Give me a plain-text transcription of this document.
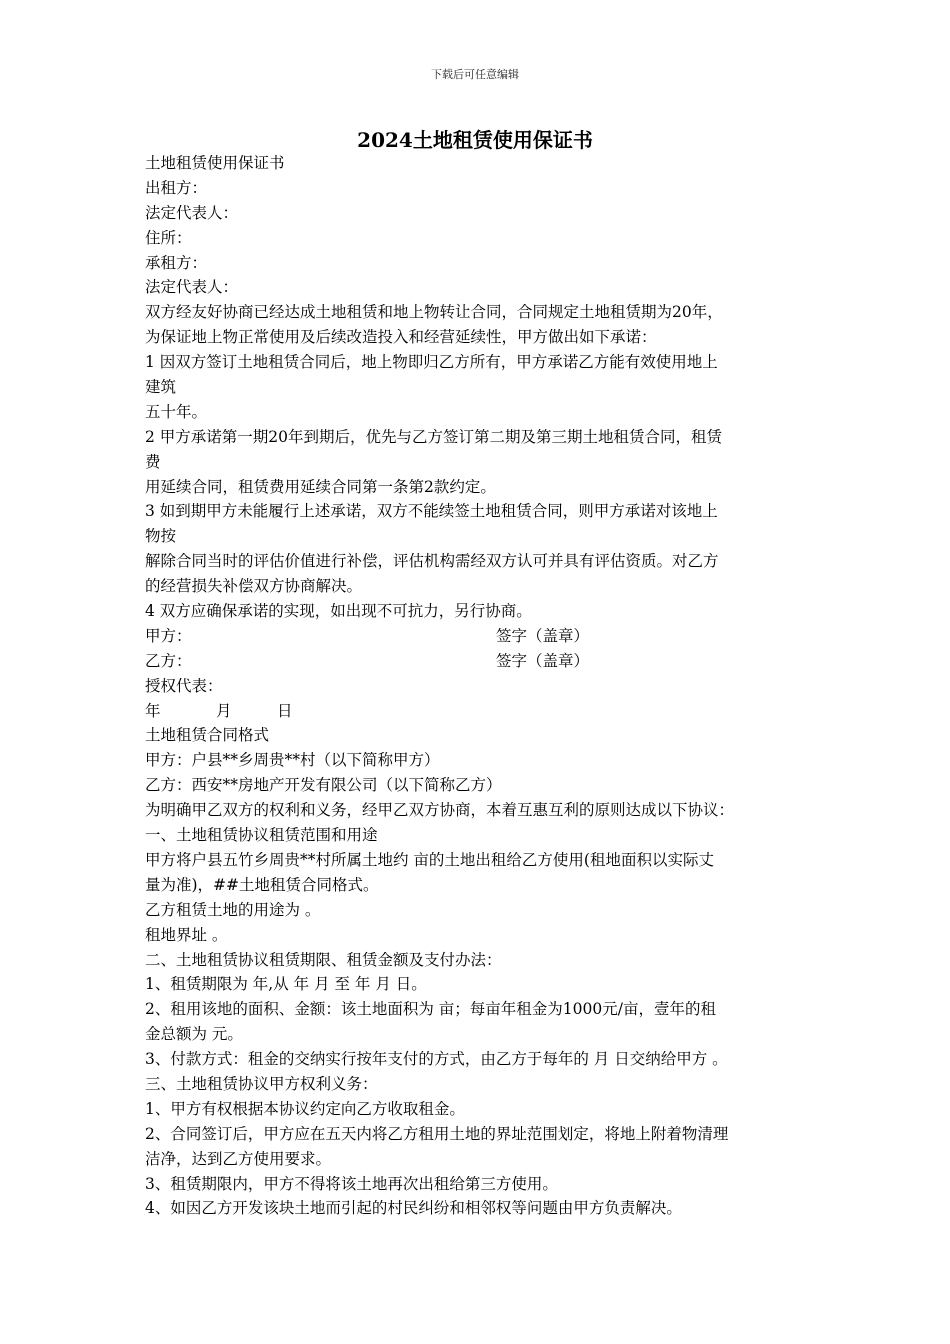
下载后可任意编辑
2024土地租赁使用保证书
土地租赁使用保证书
出租方：
法定代表人：
住所：
承租方：
法定代表人：
双方经友好协商已经达成土地租赁和地上物转让合同，合同规定土地租赁期为20年，
为保证地上物正常使用及后续改造投入和经营延续性，甲方做出如下承诺：
1 因双方签订土地租赁合同后，地上物即归乙方所有，甲方承诺乙方能有效使用地上
建筑
五十年。
2 甲方承诺第一期20年到期后，优先与乙方签订第二期及第三期土地租赁合同，租赁
费
用延续合同，租赁费用延续合同第一条第2款约定。
3 如到期甲方未能履行上述承诺，双方不能续签土地租赁合同，则甲方承诺对该地上
物按
解除合同当时的评估价值进行补偿，评估机构需经双方认可并具有评估资质。对乙方
的经营损失补偿双方协商解决。
4 双方应确保承诺的实现，如出现不可抗力，另行协商。
甲方：	签字（盖章）
乙方：	签字（盖章）
授权代表：
年	月	日
土地租赁合同格式
甲方：户县**乡周贵**村（以下简称甲方）
乙方：西安**房地产开发有限公司（以下简称乙方）
为明确甲乙双方的权利和义务，经甲乙双方协商，本着互惠互利的原则达成以下协议：
一、土地租赁协议租赁范围和用途
甲方将户县五竹乡周贵**村所属土地约 亩的土地出租给乙方使用(租地面积以实际丈
量为准)，##土地租赁合同格式。
乙方租赁土地的用途为 。
租地界址 。
二、土地租赁协议租赁期限、租赁金额及支付办法：
1、租赁期限为 年,从 年 月 至 年 月 日。
2、租用该地的面积、金额：该土地面积为 亩；每亩年租金为1000元/亩，壹年的租
金总额为 元。
3、付款方式：租金的交纳实行按年支付的方式，由乙方于每年的 月 日交纳给甲方 。
三、土地租赁协议甲方权利义务：
1、甲方有权根据本协议约定向乙方收取租金。
2、合同签订后，甲方应在五天内将乙方租用土地的界址范围划定，将地上附着物清理
洁净，达到乙方使用要求。
3、租赁期限内，甲方不得将该土地再次出租给第三方使用。
4、如因乙方开发该块土地而引起的村民纠纷和相邻权等问题由甲方负责解决。
